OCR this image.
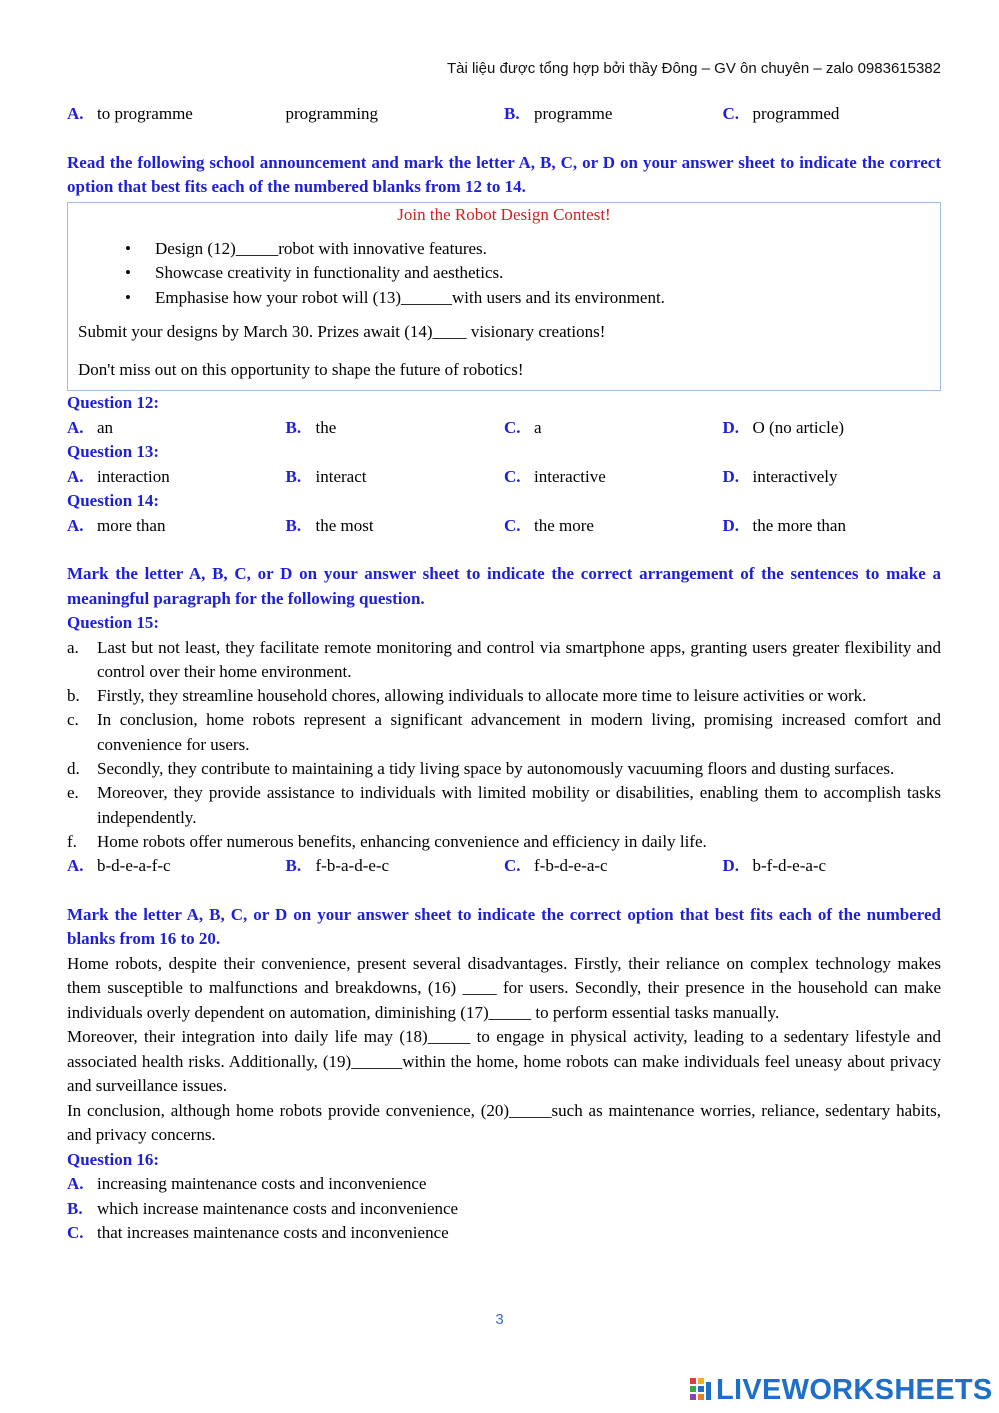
Tài liệu được tổng hợp bởi thầy Đông – GV ôn chuyên – zalo 0983615382
A. to programme	programming	B. programme	C. programmed
Read the following school announcement and mark the letter A, B, C, or D on your answer sheet to indicate the correct option that best fits each of the numbered blanks from 12 to 14.
Join the Robot Design Contest!
• Design (12)_____robot with innovative features.
• Showcase creativity in functionality and aesthetics.
• Emphasise how your robot will (13)______with users and its environment.

Submit your designs by March 30. Prizes await (14)____ visionary creations!

Don't miss out on this opportunity to shape the future of robotics!

Question 12:
A. an	B. the	C. a	D. O (no article)
Question 13:
A. interaction	B. interact	C. interactive	D. interactively
Question 14:
A. more than	B. the most	C. the more	D. the more than
Mark the letter A, B, C, or D on your answer sheet to indicate the correct arrangement of the sentences to make a meaningful paragraph for the following question.
Question 15:
a.	Last but not least, they facilitate remote monitoring and control via smartphone apps, granting users greater flexibility and control over their home environment.
b.	Firstly, they streamline household chores, allowing individuals to allocate more time to leisure activities or work.
c.	In conclusion, home robots represent a significant advancement in modern living, promising increased comfort and convenience for users.
d.	Secondly, they contribute to maintaining a tidy living space by autonomously vacuuming floors and dusting surfaces.
e.	Moreover, they provide assistance to individuals with limited mobility or disabilities, enabling them to accomplish tasks independently.
f.	Home robots offer numerous benefits, enhancing convenience and efficiency in daily life.
A. b-d-e-a-f-c	B. f-b-a-d-e-c	C. f-b-d-e-a-c	D. b-f-d-e-a-c
Mark the letter A, B, C, or D on your answer sheet to indicate the correct option that best fits each of the numbered blanks from 16 to 20.
Home robots, despite their convenience, present several disadvantages. Firstly, their reliance on complex technology makes them susceptible to malfunctions and breakdowns, (16) ____ for users. Secondly, their presence in the household can make individuals overly dependent on automation, diminishing (17)_____ to perform essential tasks manually.
Moreover, their integration into daily life may (18)_____ to engage in physical activity, leading to a sedentary lifestyle and associated health risks. Additionally, (19)______within the home, home robots can make individuals feel uneasy about privacy and surveillance issues.
In conclusion, although home robots provide convenience, (20)_____such as maintenance worries, reliance, sedentary habits, and privacy concerns.
Question 16:
A. increasing maintenance costs and inconvenience
B. which increase maintenance costs and inconvenience
C. that increases maintenance costs and inconvenience
3
LIVEWORKSHEETS
